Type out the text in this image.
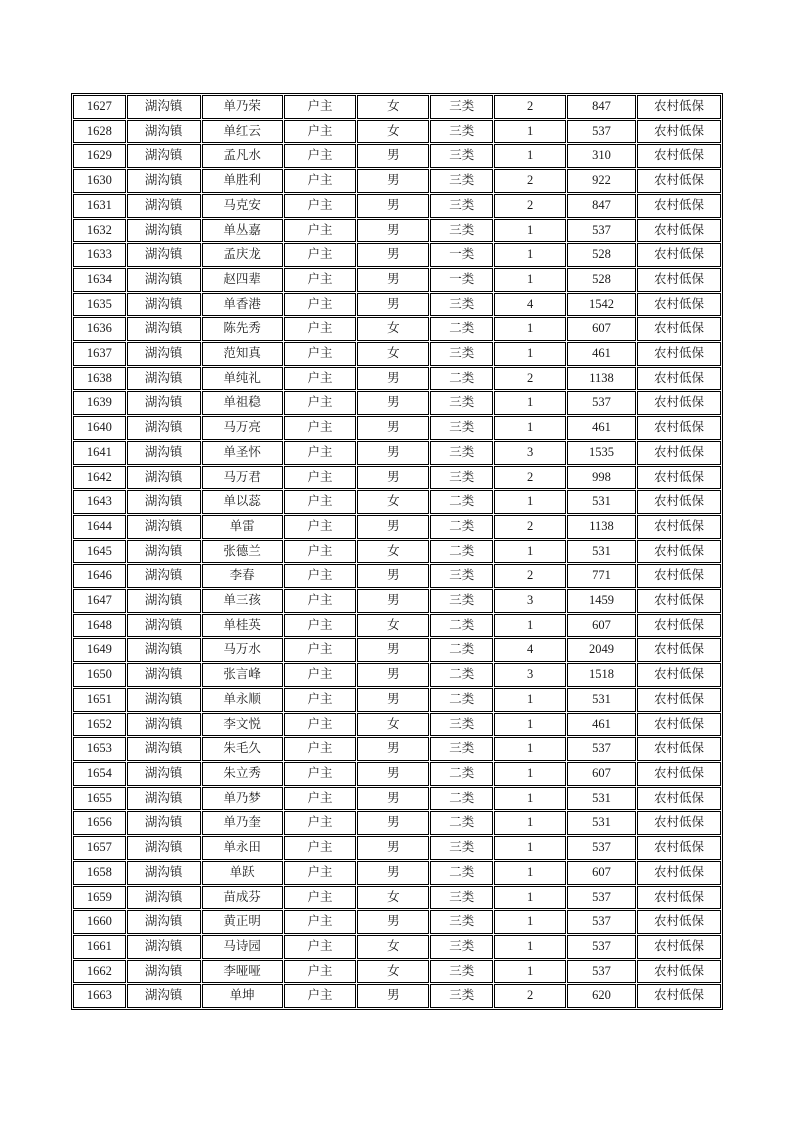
1627	湖沟镇	单乃荣	户主	女	三类	2	847	农村低保
1628	湖沟镇	单红云	户主	女	三类	1	537	农村低保
1629	湖沟镇	孟凡水	户主	男	三类	1	310	农村低保
1630	湖沟镇	单胜利	户主	男	三类	2	922	农村低保
1631	湖沟镇	马克安	户主	男	三类	2	847	农村低保
1632	湖沟镇	单丛嘉	户主	男	三类	1	537	农村低保
1633	湖沟镇	孟庆龙	户主	男	一类	1	528	农村低保
1634	湖沟镇	赵四辈	户主	男	一类	1	528	农村低保
1635	湖沟镇	单香港	户主	男	三类	4	1542	农村低保
1636	湖沟镇	陈先秀	户主	女	二类	1	607	农村低保
1637	湖沟镇	范知真	户主	女	三类	1	461	农村低保
1638	湖沟镇	单纯礼	户主	男	二类	2	1138	农村低保
1639	湖沟镇	单祖稳	户主	男	三类	1	537	农村低保
1640	湖沟镇	马万亮	户主	男	三类	1	461	农村低保
1641	湖沟镇	单圣怀	户主	男	三类	3	1535	农村低保
1642	湖沟镇	马万君	户主	男	三类	2	998	农村低保
1643	湖沟镇	单以蕊	户主	女	二类	1	531	农村低保
1644	湖沟镇	单雷	户主	男	二类	2	1138	农村低保
1645	湖沟镇	张德兰	户主	女	二类	1	531	农村低保
1646	湖沟镇	李春	户主	男	三类	2	771	农村低保
1647	湖沟镇	单三孩	户主	男	三类	3	1459	农村低保
1648	湖沟镇	单桂英	户主	女	二类	1	607	农村低保
1649	湖沟镇	马万水	户主	男	二类	4	2049	农村低保
1650	湖沟镇	张言峰	户主	男	二类	3	1518	农村低保
1651	湖沟镇	单永顺	户主	男	二类	1	531	农村低保
1652	湖沟镇	李文悦	户主	女	三类	1	461	农村低保
1653	湖沟镇	朱毛久	户主	男	三类	1	537	农村低保
1654	湖沟镇	朱立秀	户主	男	二类	1	607	农村低保
1655	湖沟镇	单乃梦	户主	男	二类	1	531	农村低保
1656	湖沟镇	单乃奎	户主	男	二类	1	531	农村低保
1657	湖沟镇	单永田	户主	男	三类	1	537	农村低保
1658	湖沟镇	单跃	户主	男	二类	1	607	农村低保
1659	湖沟镇	苗成芬	户主	女	三类	1	537	农村低保
1660	湖沟镇	黄正明	户主	男	三类	1	537	农村低保
1661	湖沟镇	马诗园	户主	女	三类	1	537	农村低保
1662	湖沟镇	李哑哑	户主	女	三类	1	537	农村低保
1663	湖沟镇	单坤	户主	男	三类	2	620	农村低保
